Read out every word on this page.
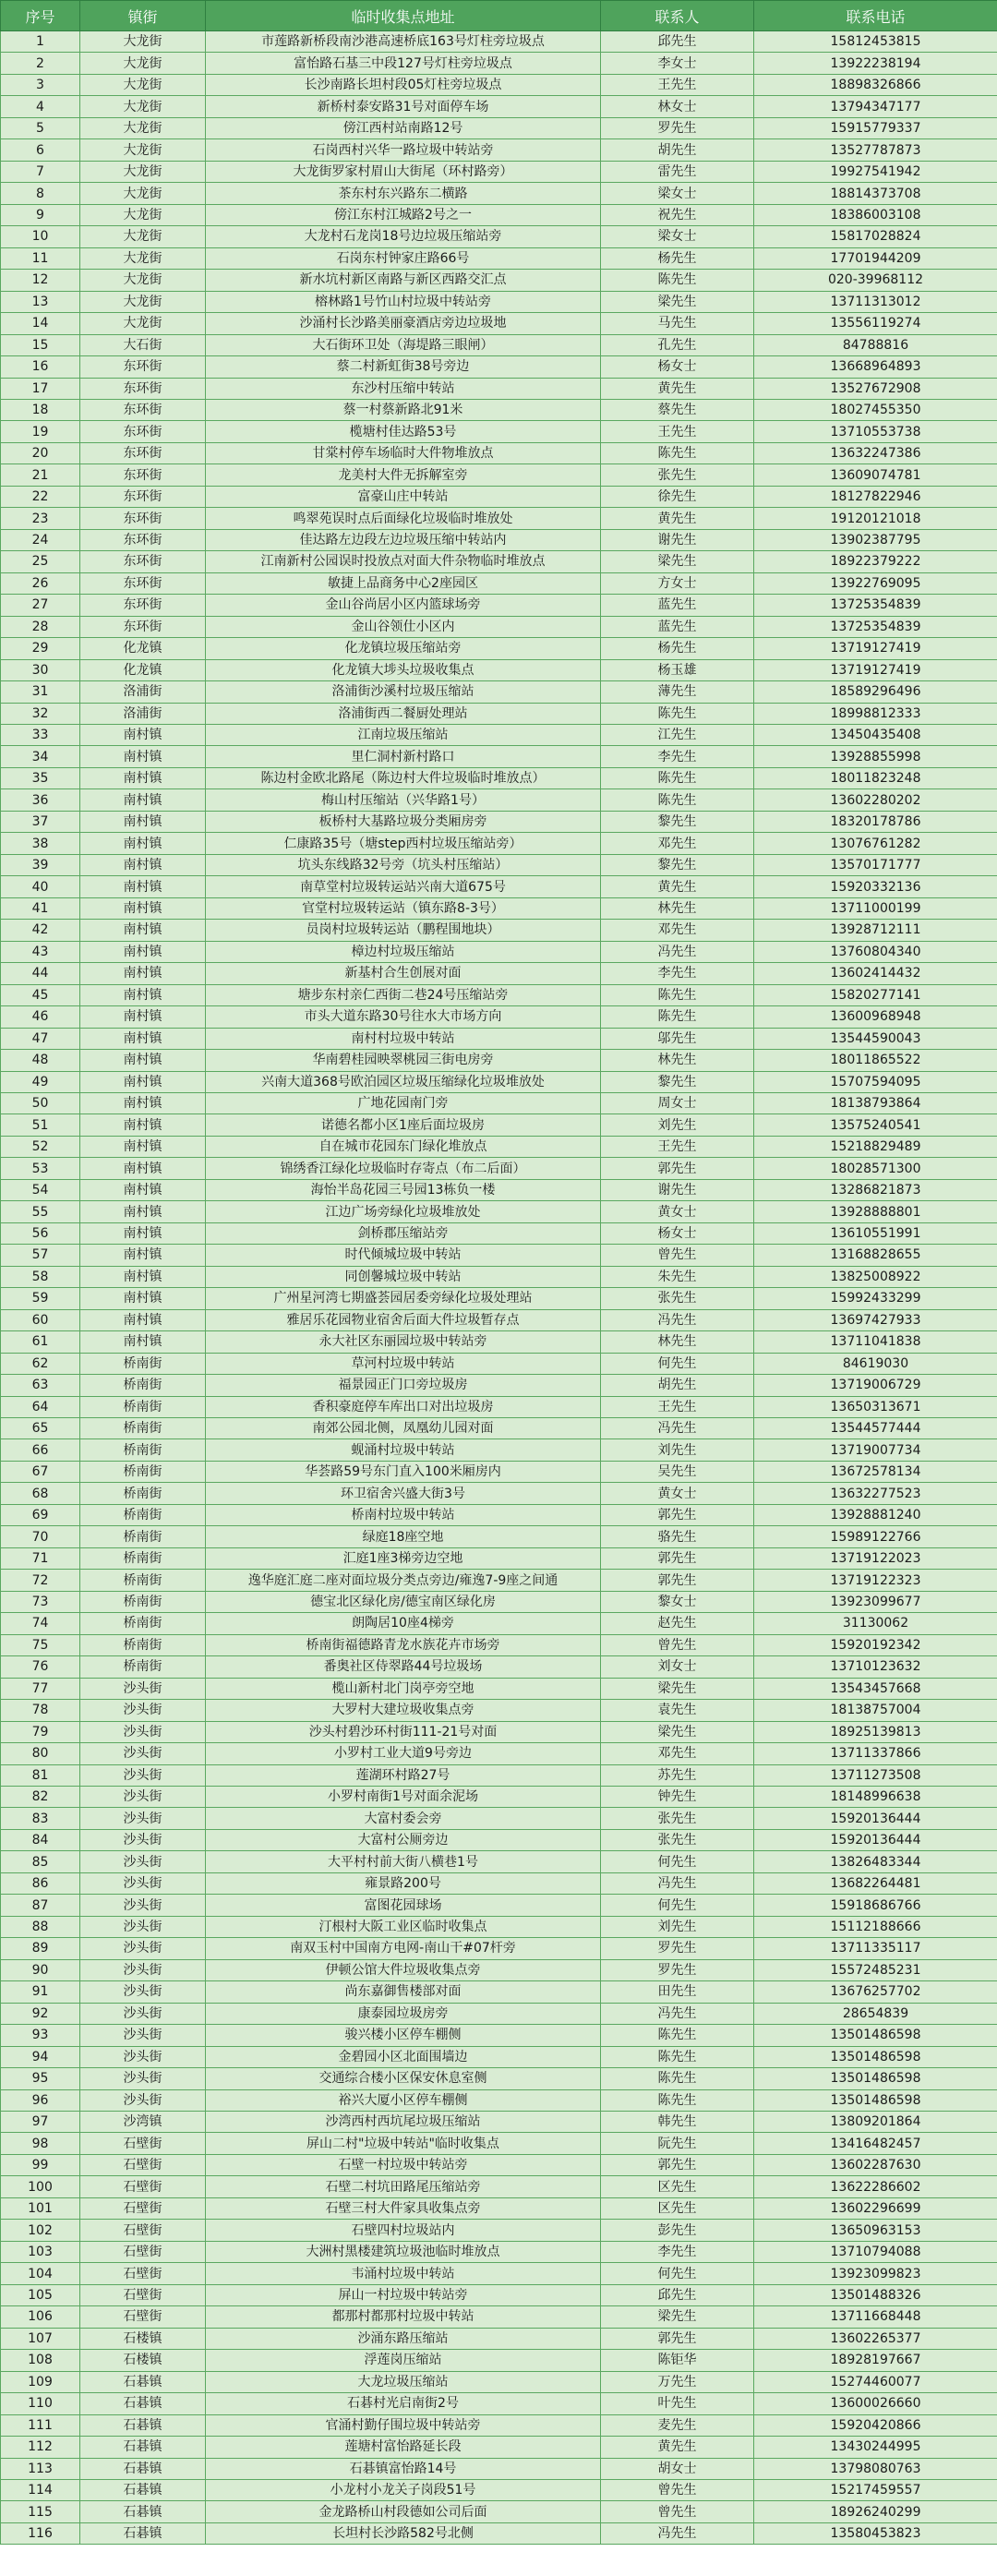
序号	镇街	临时收集点地址	联系人	联系电话
1	大龙街	市莲路新桥段南沙港高速桥底163号灯柱旁垃圾点	邱先生	15812453815
2	大龙街	富怡路石基三中段127号灯柱旁垃圾点	李女士	13922238194
3	大龙街	长沙南路长坦村段05灯柱旁垃圾点	王先生	18898326866
4	大龙街	新桥村泰安路31号对面停车场	林女士	13794347177
5	大龙街	傍江西村站南路12号	罗先生	15915779337
6	大龙街	石岗西村兴华一路垃圾中转站旁	胡先生	13527787873
7	大龙街	大龙街罗家村眉山大街尾（环村路旁）	雷先生	19927541942
8	大龙街	茶东村东兴路东二横路	梁女士	18814373708
9	大龙街	傍江东村江城路2号之一	祝先生	18386003108
10	大龙街	大龙村石龙岗18号边垃圾压缩站旁	梁女士	15817028824
11	大龙街	石岗东村钟家庄路66号	杨先生	17701944209
12	大龙街	新水坑村新区南路与新区西路交汇点	陈先生	020-39968112
13	大龙街	榕林路1号竹山村垃圾中转站旁	梁先生	13711313012
14	大龙街	沙涌村长沙路美丽豪酒店旁边垃圾地	马先生	13556119274
15	大石街	大石街环卫处（海堤路三眼闸）	孔先生	84788816
16	东环街	蔡二村新虹街38号旁边	杨女士	13668964893
17	东环街	东沙村压缩中转站	黄先生	13527672908
18	东环街	蔡一村蔡新路北91米	蔡先生	18027455350
19	东环街	榄塘村佳达路53号	王先生	13710553738
20	东环街	甘棠村停车场临时大件物堆放点	陈先生	13632247386
21	东环街	龙美村大件无拆解室旁	张先生	13609074781
22	东环街	富豪山庄中转站	徐先生	18127822946
23	东环街	鸣翠苑误时点后面绿化垃圾临时堆放处	黄先生	19120121018
24	东环街	佳达路左边段左边垃圾压缩中转站内	谢先生	13902387795
25	东环街	江南新村公园误时投放点对面大件杂物临时堆放点	梁先生	18922379222
26	东环街	敏捷上品商务中心2座园区	方女士	13922769095
27	东环街	金山谷尚居小区内篮球场旁	蓝先生	13725354839
28	东环街	金山谷领仕小区内	蓝先生	13725354839
29	化龙镇	化龙镇垃圾压缩站旁	杨先生	13719127419
30	化龙镇	化龙镇大埗头垃圾收集点	杨玉雄	13719127419
31	洛浦街	洛浦街沙溪村垃圾压缩站	薄先生	18589296496
32	洛浦街	洛浦街西二餐厨处理站	陈先生	18998812333
33	南村镇	江南垃圾压缩站	江先生	13450435408
34	南村镇	里仁洞村新村路口	李先生	13928855998
35	南村镇	陈边村金欧北路尾（陈边村大件垃圾临时堆放点）	陈先生	18011823248
36	南村镇	梅山村压缩站（兴华路1号）	陈先生	13602280202
37	南村镇	板桥村大基路垃圾分类厢房旁	黎先生	18320178786
38	南村镇	仁康路35号（塘step西村垃圾压缩站旁）	邓先生	13076761282
39	南村镇	坑头东线路32号旁（坑头村压缩站）	黎先生	13570171777
40	南村镇	南草堂村垃圾转运站兴南大道675号	黄先生	15920332136
41	南村镇	官堂村垃圾转运站（镇东路8-3号）	林先生	13711000199
42	南村镇	员岗村垃圾转运站（鹏程围地块）	邓先生	13928712111
43	南村镇	樟边村垃圾压缩站	冯先生	13760804340
44	南村镇	新基村合生创展对面	李先生	13602414432
45	南村镇	塘步东村亲仁西街二巷24号压缩站旁	陈先生	15820277141
46	南村镇	市头大道东路30号往水大市场方向	陈先生	13600968948
47	南村镇	南村村垃圾中转站	邬先生	13544590043
48	南村镇	华南碧桂园映翠桃园三街电房旁	林先生	18011865522
49	南村镇	兴南大道368号欧泊园区垃圾压缩绿化垃圾堆放处	黎先生	15707594095
50	南村镇	广地花园南门旁	周女士	18138793864
51	南村镇	诺德名都小区1座后面垃圾房	刘先生	13575240541
52	南村镇	自在城市花园东门绿化堆放点	王先生	15218829489
53	南村镇	锦绣香江绿化垃圾临时存寄点（布二后面）	郭先生	18028571300
54	南村镇	海怡半岛花园三号园13栋负一楼	谢先生	13286821873
55	南村镇	江边广场旁绿化垃圾堆放处	黄女士	13928888801
56	南村镇	剑桥郡压缩站旁	杨女士	13610551991
57	南村镇	时代倾城垃圾中转站	曾先生	13168828655
58	南村镇	同创馨城垃圾中转站	朱先生	13825008922
59	南村镇	广州星河湾七期盛荟园居委旁绿化垃圾处理站	张先生	15992433299
60	南村镇	雅居乐花园物业宿舍后面大件垃圾暂存点	冯先生	13697427933
61	南村镇	永大社区东丽园垃圾中转站旁	林先生	13711041838
62	桥南街	草河村垃圾中转站	何先生	84619030
63	桥南街	福景园正门口旁垃圾房	胡先生	13719006729
64	桥南街	香积豪庭停车库出口对出垃圾房	王先生	13650313671
65	桥南街	南郊公园北侧，凤凰幼儿园对面	冯先生	13544577444
66	桥南街	蚬涌村垃圾中转站	刘先生	13719007734
67	桥南街	华荟路59号东门直入100米厢房内	吴先生	13672578134
68	桥南街	环卫宿舍兴盛大街3号	黄女士	13632277523
69	桥南街	桥南村垃圾中转站	郭先生	13928881240
70	桥南街	绿庭18座空地	骆先生	15989122766
71	桥南街	汇庭1座3梯旁边空地	郭先生	13719122023
72	桥南街	逸华庭汇庭二座对面垃圾分类点旁边/雍逸7-9座之间通	郭先生	13719122323
73	桥南街	德宝北区绿化房/德宝南区绿化房	黎女士	13923099677
74	桥南街	朗陶居10座4梯旁	赵先生	31130062
75	桥南街	桥南街福德路青龙水族花卉市场旁	曾先生	15920192342
76	桥南街	番奥社区侍翠路44号垃圾场	刘女士	13710123632
77	沙头街	榄山新村北门岗亭旁空地	梁先生	13543457668
78	沙头街	大罗村大建垃圾收集点旁	袁先生	18138757004
79	沙头街	沙头村碧沙环村街111-21号对面	梁先生	18925139813
80	沙头街	小罗村工业大道9号旁边	邓先生	13711337866
81	沙头街	莲湖环村路27号	苏先生	13711273508
82	沙头街	小罗村南街1号对面余泥场	钟先生	18148996638
83	沙头街	大富村委会旁	张先生	15920136444
84	沙头街	大富村公厕旁边	张先生	15920136444
85	沙头街	大平村村前大街八横巷1号	何先生	13826483344
86	沙头街	雍景路200号	冯先生	13682264481
87	沙头街	富图花园球场	何先生	15918686766
88	沙头街	汀根村大阪工业区临时收集点	刘先生	15112188666
89	沙头街	南双玉村中国南方电网-南山干#07杆旁	罗先生	13711335117
90	沙头街	伊顿公馆大件垃圾收集点旁	罗先生	15572485231
91	沙头街	尚东嘉御售楼部对面	田先生	13676257702
92	沙头街	康泰园垃圾房旁	冯先生	28654839
93	沙头街	骏兴楼小区停车棚侧	陈先生	13501486598
94	沙头街	金碧园小区北面围墙边	陈先生	13501486598
95	沙头街	交通综合楼小区保安休息室侧	陈先生	13501486598
96	沙头街	裕兴大厦小区停车棚侧	陈先生	13501486598
97	沙湾镇	沙湾西村西坑尾垃圾压缩站	韩先生	13809201864
98	石壁街	屏山二村"垃圾中转站"临时收集点	阮先生	13416482457
99	石壁街	石壁一村垃圾中转站旁	郭先生	13602287630
100	石壁街	石壁二村坑田路尾压缩站旁	区先生	13622286602
101	石壁街	石壁三村大件家具收集点旁	区先生	13602296699
102	石壁街	石壁四村垃圾站内	彭先生	13650963153
103	石壁街	大洲村黑楼建筑垃圾池临时堆放点	李先生	13710794088
104	石壁街	韦涌村垃圾中转站	何先生	13923099823
105	石壁街	屏山一村垃圾中转站旁	邱先生	13501488326
106	石壁街	都那村都那村垃圾中转站	梁先生	13711668448
107	石楼镇	沙涌东路压缩站	郭先生	13602265377
108	石楼镇	浮莲岗压缩站	陈钜华	18928197667
109	石碁镇	大龙垃圾压缩站	万先生	15274460077
110	石碁镇	石碁村光启南街2号	叶先生	13600026660
111	石碁镇	官涌村勤仔围垃圾中转站旁	麦先生	15920420866
112	石碁镇	莲塘村富怡路延长段	黄先生	13430244995
113	石碁镇	石碁镇富怡路14号	胡女士	13798080763
114	石碁镇	小龙村小龙关子岗段51号	曾先生	15217459557
115	石碁镇	金龙路桥山村段德如公司后面	曾先生	18926240299
116	石碁镇	长坦村长沙路582号北侧	冯先生	13580453823
